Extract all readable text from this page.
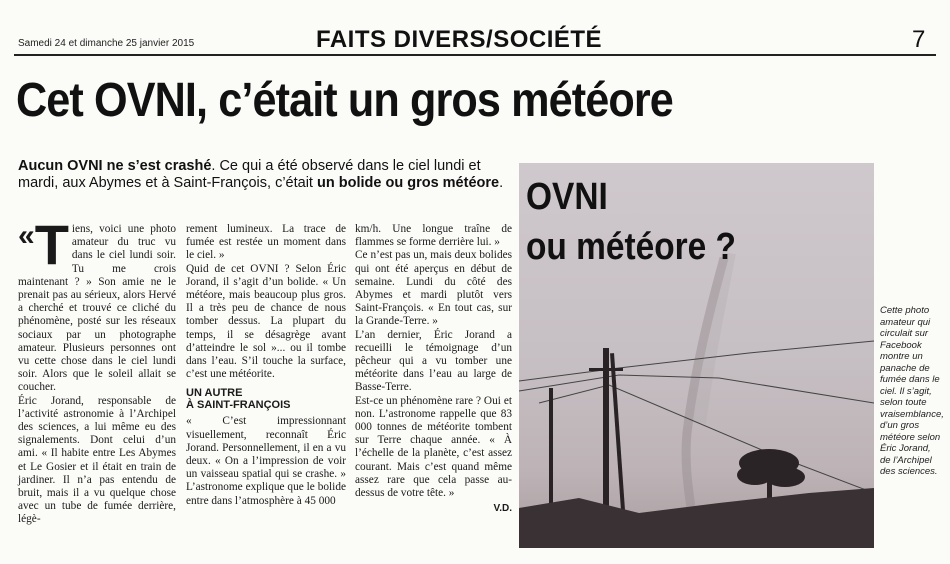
Samedi 24 et dimanche 25 janvier 2015	FAITS DIVERS/SOCIÉTÉ	7
Cet OVNI, c’était un gros météore
Aucun OVNI ne s’est crashé. Ce qui a été observé dans le ciel lundi et mardi, aux Abymes et à Saint-François, c’était un bolide ou gros météore.

« T iens, voici une photo amateur du truc vu dans le ciel lundi soir. Tu me crois maintenant ? » Son amie ne le prenait pas au sérieux, alors Hervé a cherché et trouvé ce cliché du phénomène, posté sur les réseaux sociaux par un photographe amateur. Plusieurs personnes ont vu cette chose dans le ciel lundi soir. Alors que le soleil allait se coucher.

Éric Jorand, responsable de l’activité astronomie à l’Archipel des sciences, a lui même eu des signalements. Dont celui d’un ami. « Il habite entre Les Abymes et Le Gosier et il était en train de jardiner. Il n’a pas entendu de bruit, mais il a vu quelque chose avec un tube de fumée derrière, légè-

rement lumineux. La trace de fumée est restée un moment dans le ciel. »

Quid de cet OVNI ? Selon Éric Jorand, il s’agit d’un bolide. « Un météore, mais beaucoup plus gros. Il a très peu de chance de nous tomber dessus. La plupart du temps, il se désagrège avant d’atteindre le sol »... ou il tombe dans l’eau. S’il touche la surface, c’est une météorite.

UN AUTRE
À SAINT-FRANÇOIS

« C’est impressionnant visuellement, reconnaît Éric Jorand. Personnellement, il en a vu deux. « On a l’impression de voir un vaisseau spatial qui se crashe. » L’astronome explique que le bolide entre dans l’atmosphère à 45 000

km/h. Une longue traîne de flammes se forme derrière lui. »

Ce n’est pas un, mais deux bolides qui ont été aperçus en début de semaine. Lundi du côté des Abymes et mardi plutôt vers Saint-François. « En tout cas, sur la Grande-Terre. »

L’an dernier, Éric Jorand a recueilli le témoignage d’un pêcheur qui a vu tomber une météorite dans l’eau au large de Basse-Terre.

Est-ce un phénomène rare ? Oui et non. L’astronome rappelle que 83 000 tonnes de météorite tombent sur Terre chaque année. « À l’échelle de la planète, c’est assez courant. Mais c’est quand même assez rare que cela passe au-dessus de votre tête. »

V.D.
OVNI
ou météore ?
Cette photo amateur qui circulait sur Facebook montre un panache de fumée dans le ciel. Il s’agit, selon toute vraisemblance, d’un gros météore selon Éric Jorand, de l’Archipel des sciences.
